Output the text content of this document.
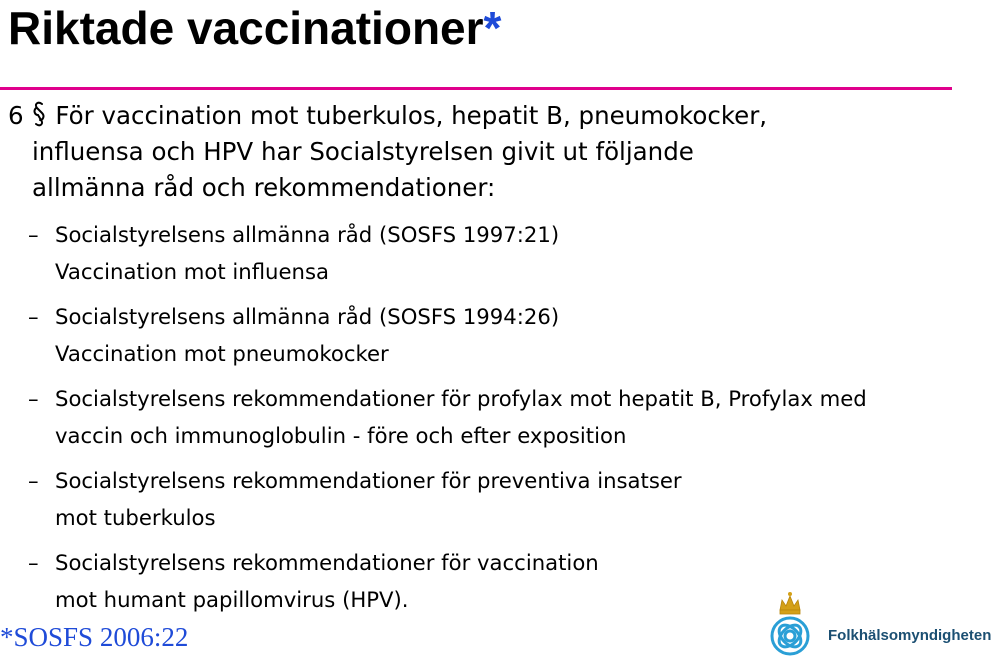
Riktade vaccinationer*
6 För vaccination mot tuberkulos, hepatit B, pneumokocker,
influensa och HPV har Socialstyrelsen givit ut följande
allmänna råd och rekommendationer:
– Socialstyrelsens allmänna råd (SOSFS 1997:21)
Vaccination mot influensa
– Socialstyrelsens allmänna råd (SOSFS 1994:26)
Vaccination mot pneumokocker
– Socialstyrelsens rekommendationer för profylax mot hepatit B, Profylax med
vaccin och immunoglobulin - före och efter exposition
– Socialstyrelsens rekommendationer för preventiva insatser
mot tuberkulos
– Socialstyrelsens rekommendationer för vaccination
mot humant papillomvirus (HPV).
*SOSFS 2006:22	Folkhälsomyndigheten
